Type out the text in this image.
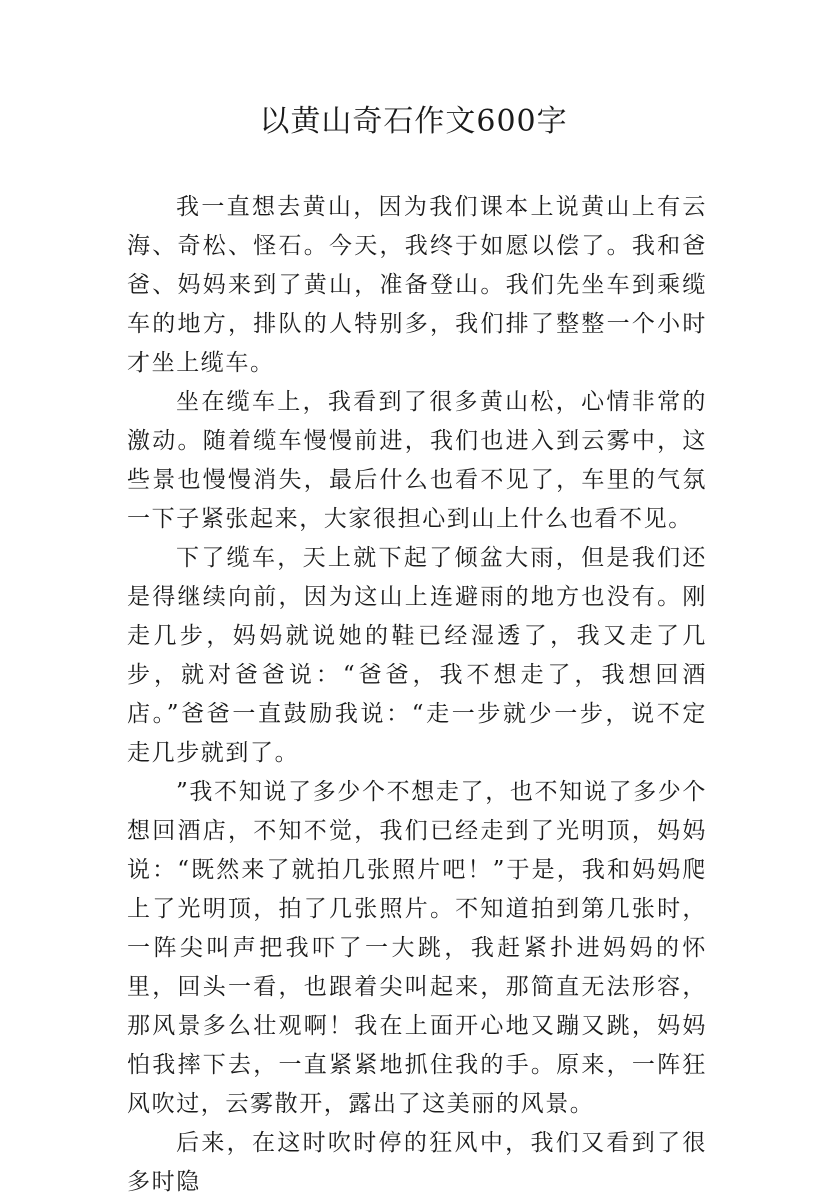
以黄山奇石作文600字

我一直想去黄山，因为我们课本上说黄山上有云海、奇松、怪石。今天，我终于如愿以偿了。我和爸爸、妈妈来到了黄山，准备登山。我们先坐车到乘缆车的地方，排队的人特别多，我们排了整整一个小时才坐上缆车。

坐在缆车上，我看到了很多黄山松，心情非常的激动。随着缆车慢慢前进，我们也进入到云雾中，这些景也慢慢消失，最后什么也看不见了，车里的气氛一下子紧张起来，大家很担心到山上什么也看不见。

下了缆车，天上就下起了倾盆大雨，但是我们还是得继续向前，因为这山上连避雨的地方也没有。刚走几步，妈妈就说她的鞋已经湿透了，我又走了几步，就对爸爸说：“爸爸，我不想走了，我想回酒店。”爸爸一直鼓励我说：“走一步就少一步，说不定走几步就到了。

”我不知说了多少个不想走了，也不知说了多少个想回酒店，不知不觉，我们已经走到了光明顶，妈妈说：“既然来了就拍几张照片吧！”于是，我和妈妈爬上了光明顶，拍了几张照片。不知道拍到第几张时，一阵尖叫声把我吓了一大跳，我赶紧扑进妈妈的怀里，回头一看，也跟着尖叫起来，那简直无法形容，那风景多么壮观啊！我在上面开心地又蹦又跳，妈妈怕我摔下去，一直紧紧地抓住我的手。原来，一阵狂风吹过，云雾散开，露出了这美丽的风景。

后来，在这时吹时停的狂风中，我们又看到了很多时隐
